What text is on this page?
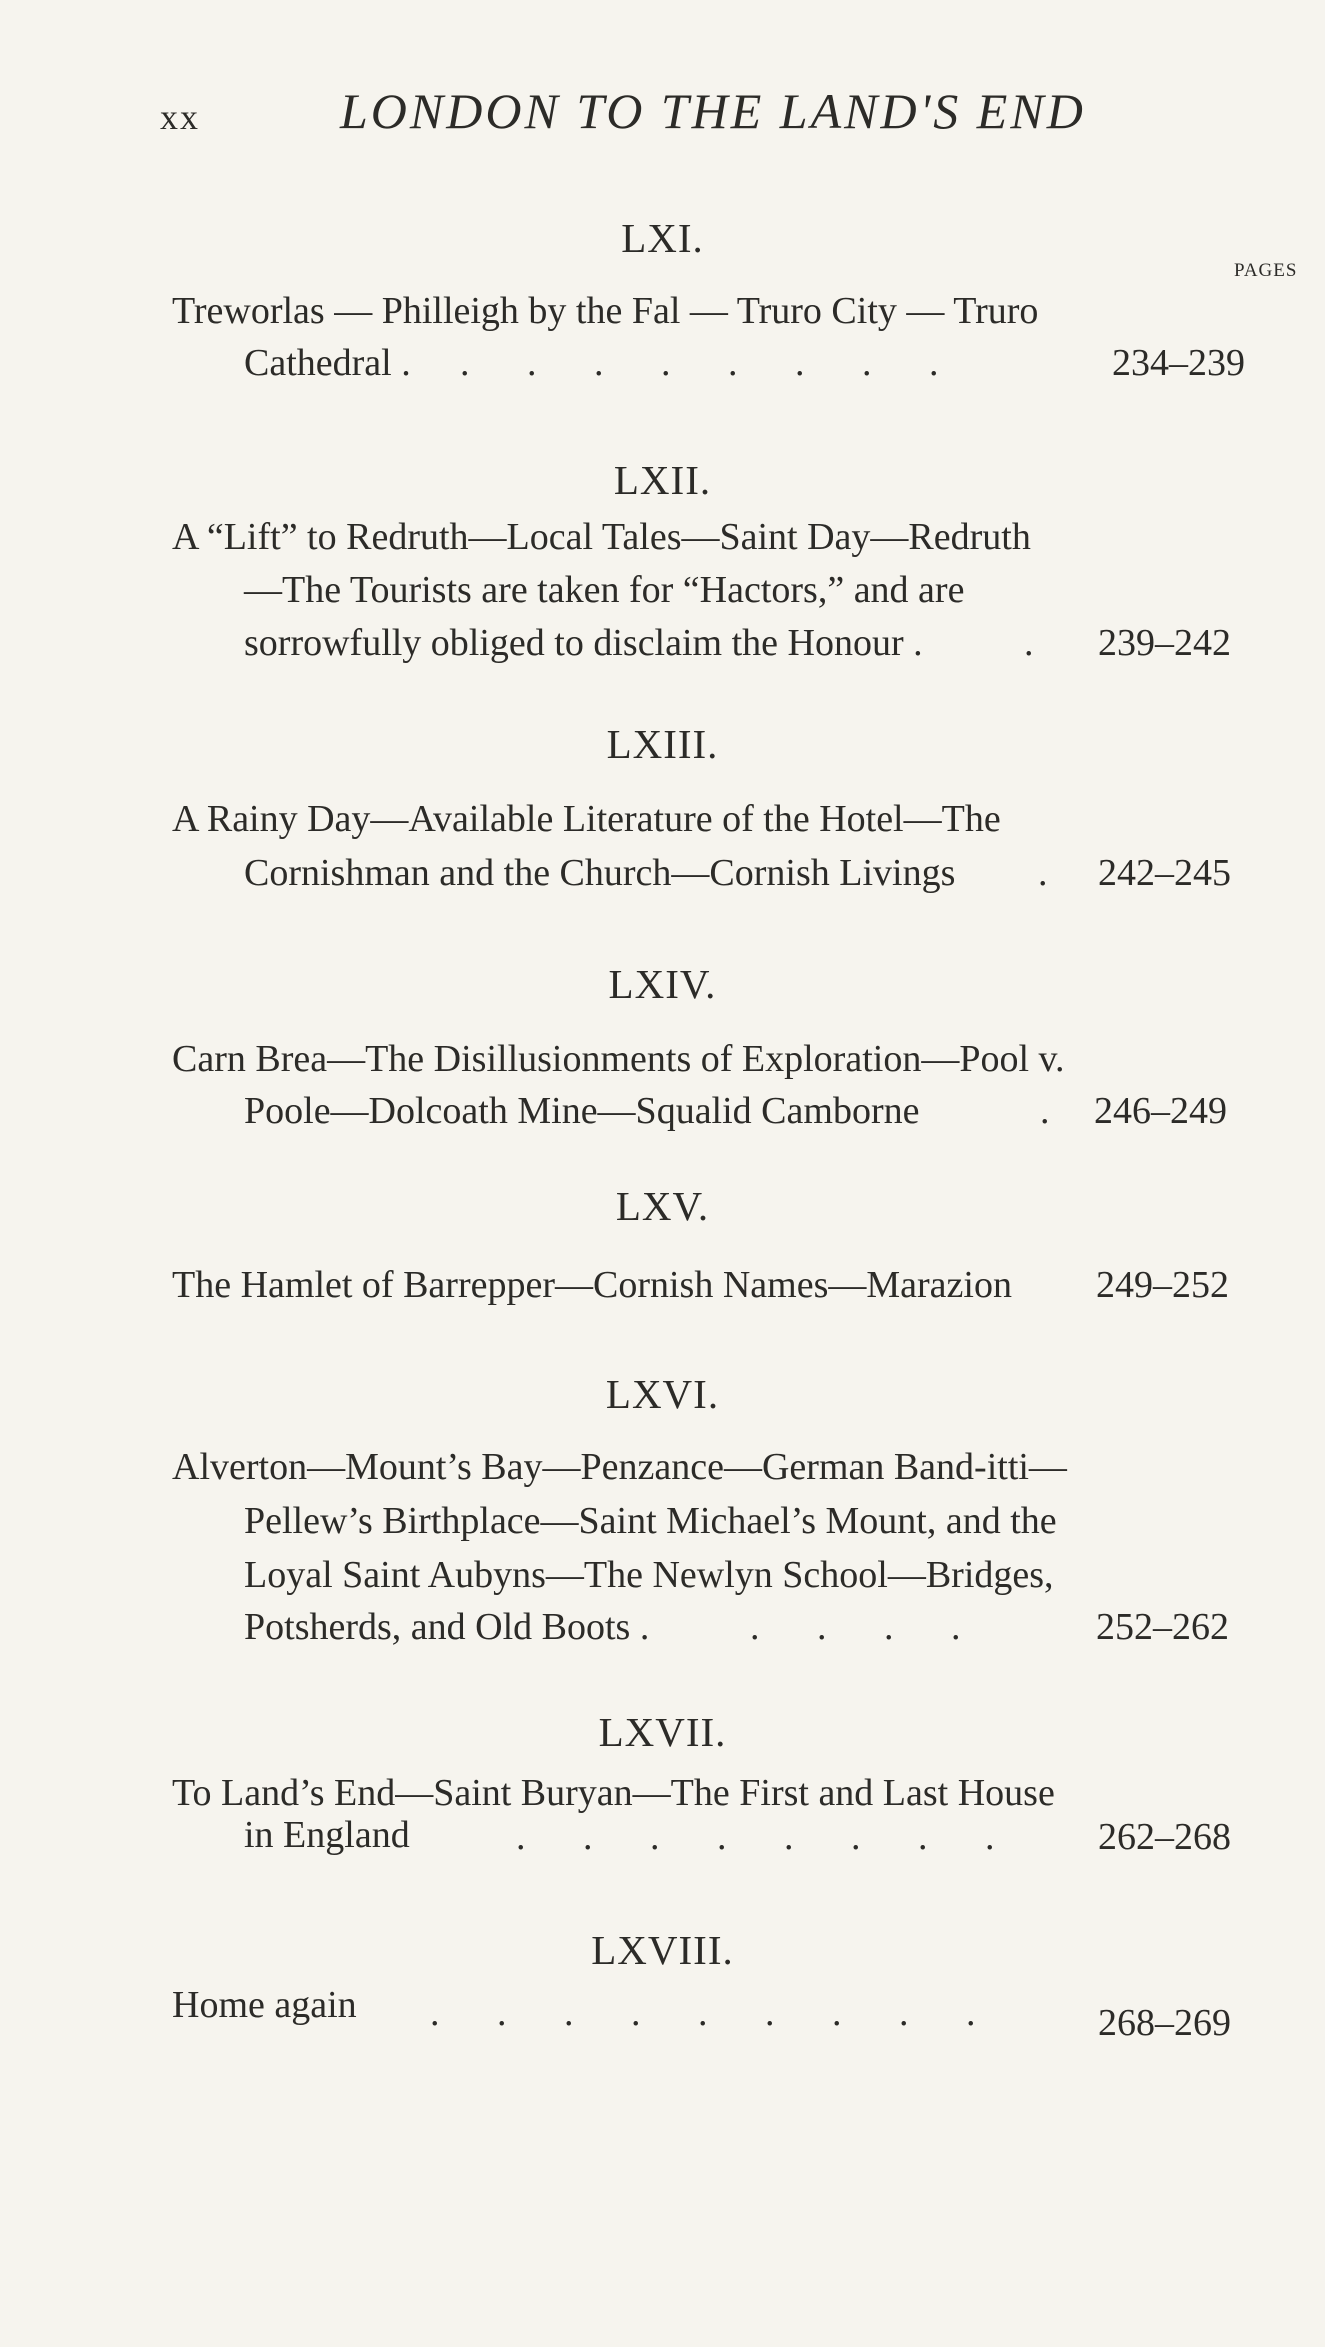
xx	LONDON TO THE LAND'S END
PAGES
LXI.
Treworlas — Philleigh by the Fal — Truro City — Truro
Cathedral . . . . . . . . .	234–239
LXII.
A “Lift” to Redruth—Local Tales—Saint Day—Redruth
—The Tourists are taken for “Hactors,” and are
sorrowfully obliged to disclaim the Honour .	. 239–242
LXIII.
A Rainy Day—Available Literature of the Hotel—The
Cornishman and the Church—Cornish Livings . 242–245
LXIV.
Carn Brea—The Disillusionments of Exploration—Pool v.
Poole—Dolcoath Mine—Squalid Camborne	. 246–249
LXV.
The Hamlet of Barrepper—Cornish Names—Marazion 249–252
LXVI.
Alverton—Mount’s Bay—Penzance—German Band-itti—
Pellew’s Birthplace—Saint Michael’s Mount, and the
Loyal Saint Aubyns—The Newlyn School—Bridges,
Potsherds, and Old Boots .	. . . .	252–262
LXVII.
To Land’s End—Saint Buryan—The First and Last House
in England	. . . . . . . . 262–268
LXVIII.
Home again . . . . . . . . .	268–269
